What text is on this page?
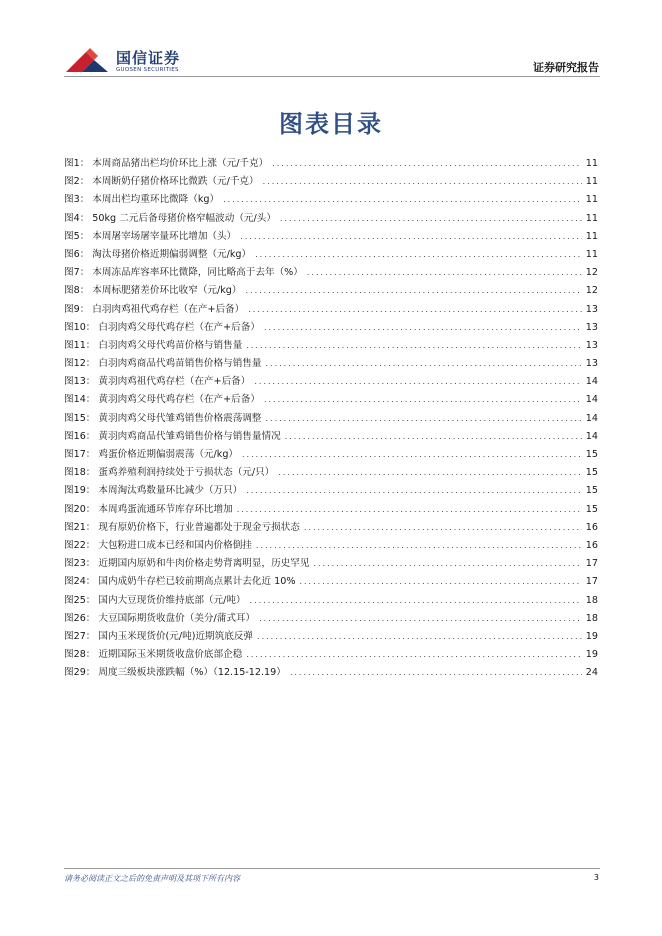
国信证券
GUOSEN SECURITIES	证券研究报告
图表目录
图1： 本周商品猪出栏均价环比上涨（元/千克） .....	11
图2： 本周断奶仔猪价格环比微跌（元/千克） .....	11
图3： 本周出栏均重环比微降（kg） .....	11
图4： 50kg 二元后备母猪价格窄幅波动（元/头） .....	11
图5： 本周屠宰场屠宰量环比增加（头） .....	11
图6： 淘汰母猪价格近期偏弱调整（元/kg） .....	11
图7： 本周冻品库容率环比微降，同比略高于去年（%） .....	12
图8： 本周标肥猪差价环比收窄（元/kg） .....	12
图9： 白羽肉鸡祖代鸡存栏（在产+后备） .....	13
图10： 白羽肉鸡父母代鸡存栏（在产+后备） .....	13
图11： 白羽肉鸡父母代鸡苗价格与销售量 .....	13
图12： 白羽肉鸡商品代鸡苗销售价格与销售量 .....	13
图13： 黄羽肉鸡祖代鸡存栏（在产+后备） .....	14
图14： 黄羽肉鸡父母代鸡存栏（在产+后备） .....	14
图15： 黄羽肉鸡父母代雏鸡销售价格震荡调整 .....	14
图16： 黄羽肉鸡商品代雏鸡销售价格与销售量情况 .....	14
图17： 鸡蛋价格近期偏弱震荡（元/kg） .....	15
图18： 蛋鸡养殖利润持续处于亏损状态（元/只） .....	15
图19： 本周淘汰鸡数量环比减少（万只） .....	15
图20： 本周鸡蛋流通环节库存环比增加 .....	15
图21： 现有原奶价格下，行业普遍都处于现金亏损状态 .....	16
图22： 大包粉进口成本已经和国内价格倒挂 .....	16
图23： 近期国内原奶和牛肉价格走势背离明显，历史罕见 .....	17
图24： 国内成奶牛存栏已较前期高点累计去化近 10% .....	17
图25： 国内大豆现货价维持底部（元/吨） .....	18
图26： 大豆国际期货收盘价（美分/蒲式耳） .....	18
图27： 国内玉米现货价(元/吨)近期筑底反弹 .....	19
图28： 近期国际玉米期货收盘价底部企稳 .....	19
图29： 周度三级板块涨跌幅（%）（12.15-12.19） .....	24
请务必阅读正文之后的免责声明及其项下所有内容	3
